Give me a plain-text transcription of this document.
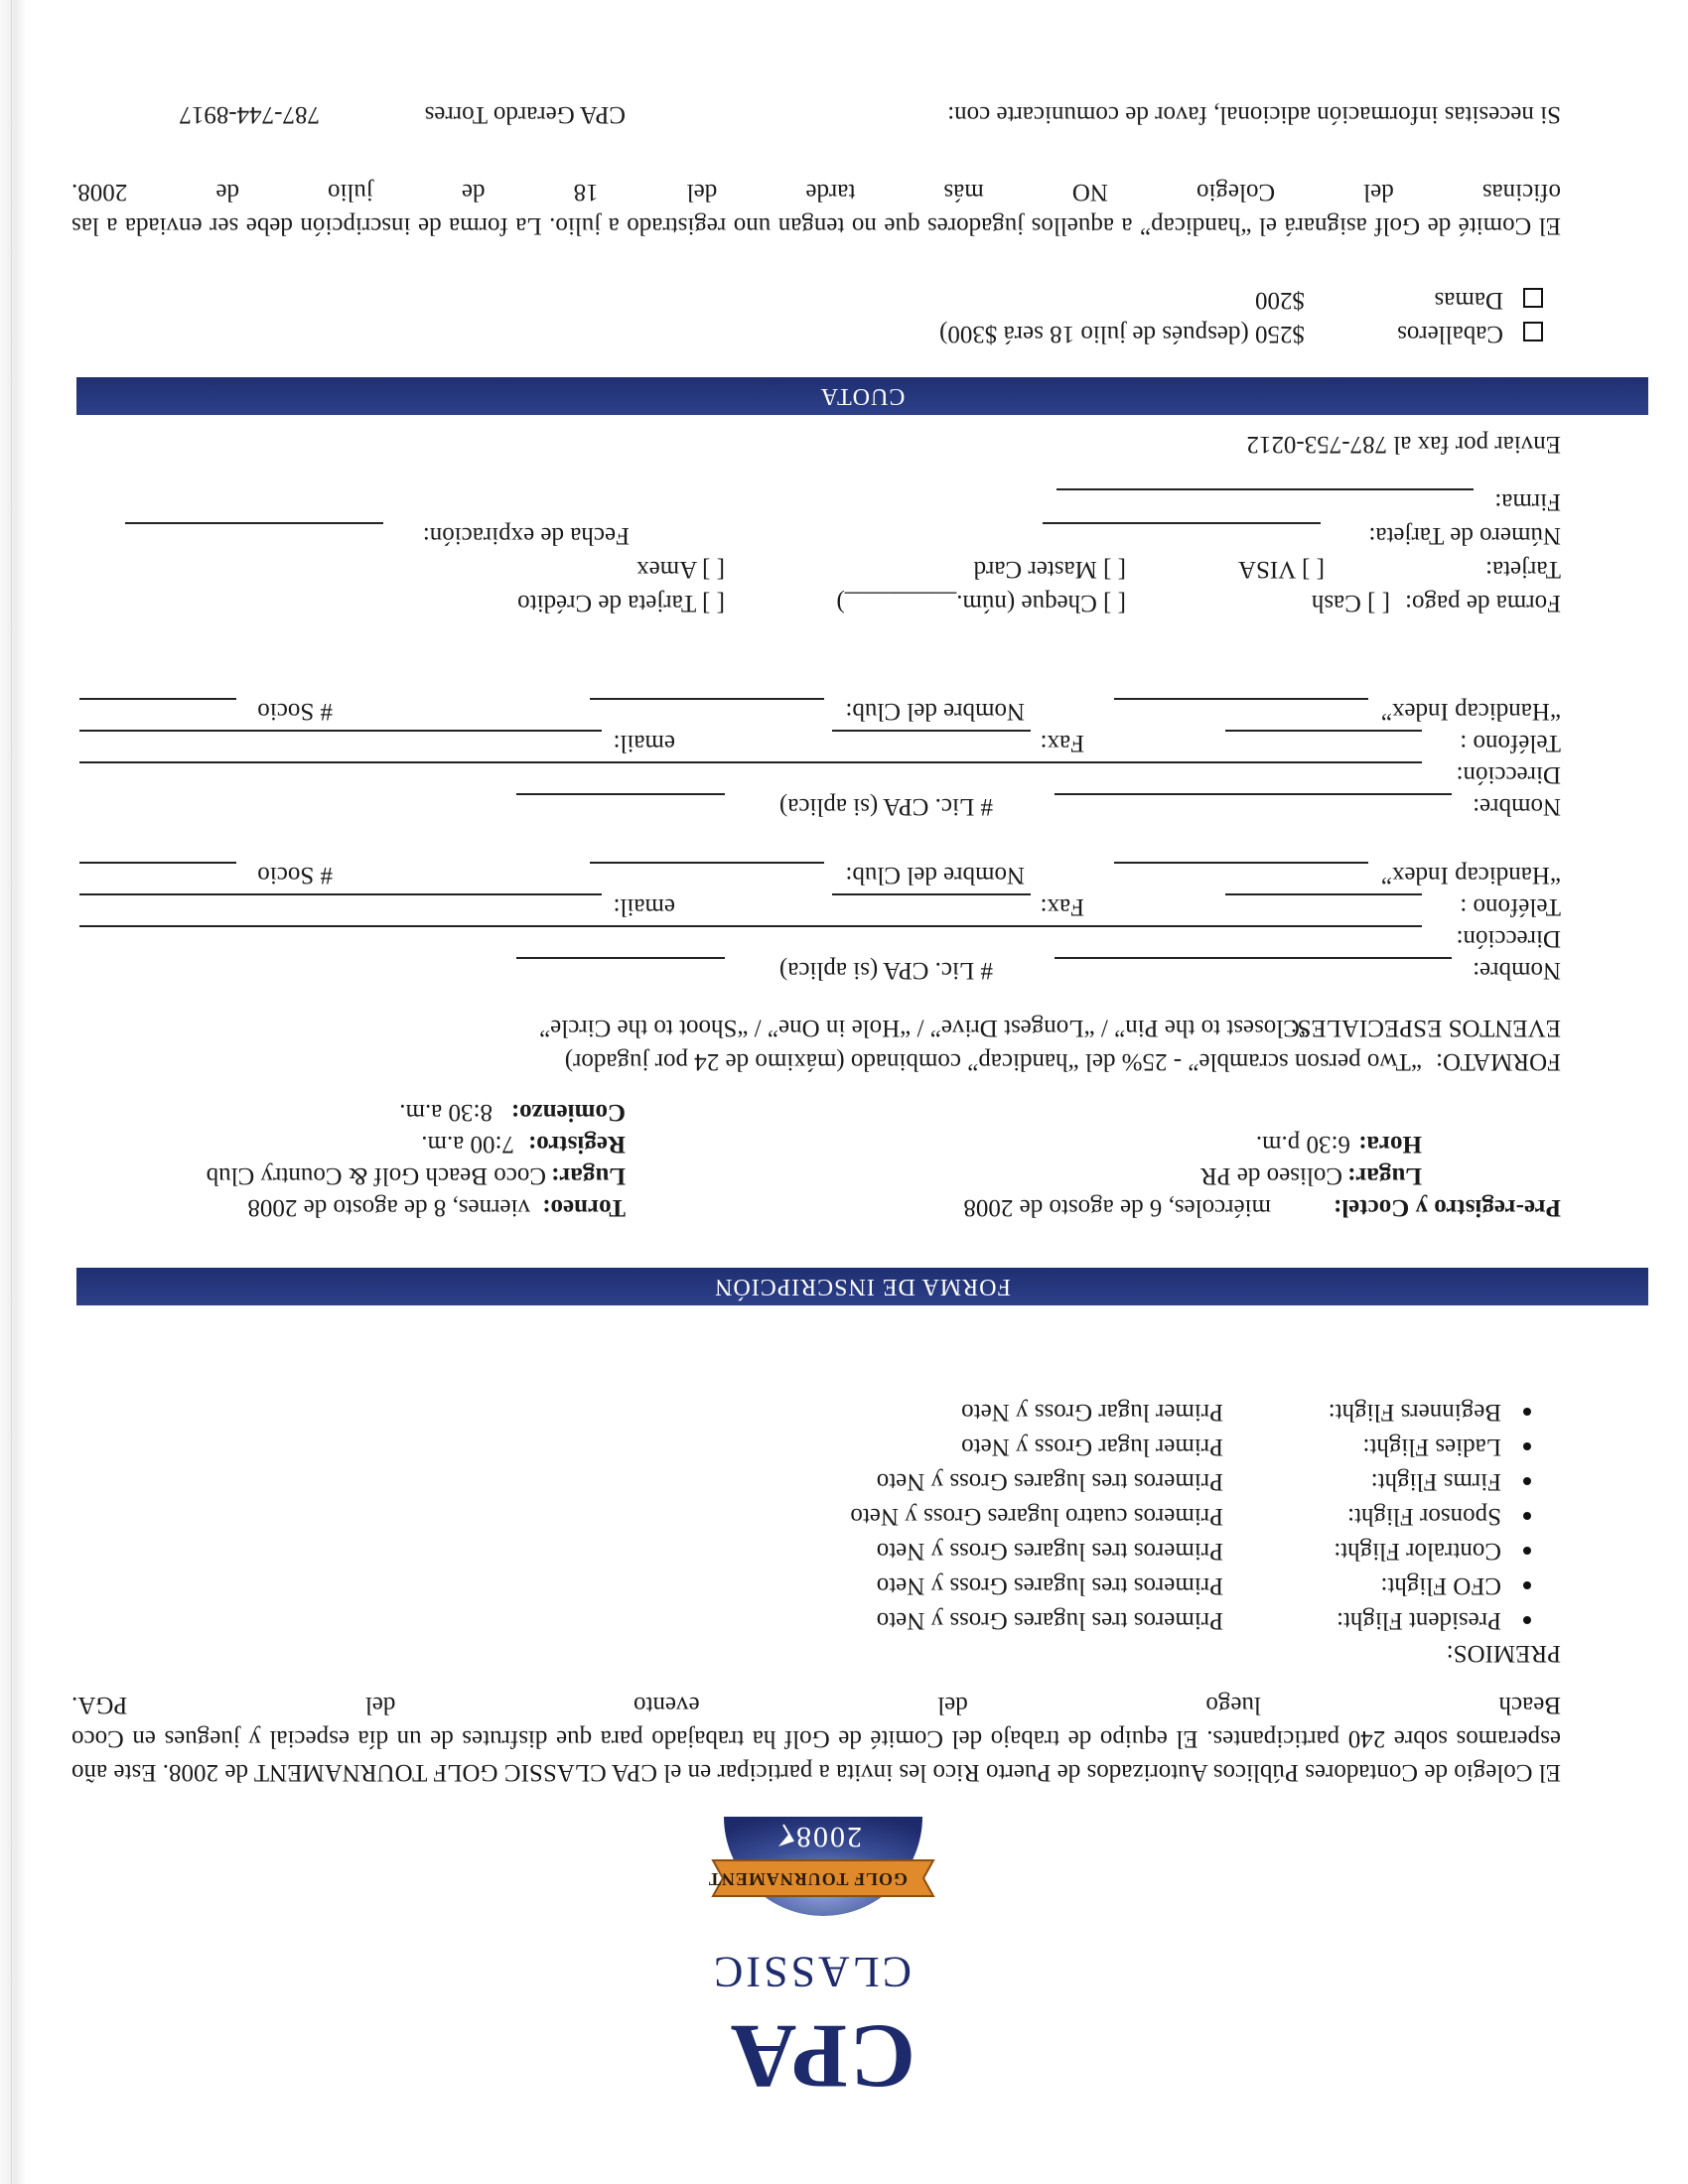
CPA
CLASSIC
GOLF TOURNAMENT
2008

El Colegio de Contadores Públicos Autorizados de Puerto Rico les invita a participar en el CPA CLASSIC GOLF TOURNAMENT de 2008. Este año esperamos sobre 240 participantes. El equipo de trabajo del Comité de Golf ha trabajado para que disfrutes de un día especial y juegues en Coco Beach luego del evento del PGA.

PREMIOS:
President Flight:
Primeros tres lugares Gross y Neto
CFO Flight:
Primeros tres lugares Gross y Neto
Contralor Flight:
Primeros tres lugares Gross y Neto
Sponsor Flight:
Primeros cuatro lugares Gross y Neto
Firms Flight:
Primeros tres lugares Gross y Neto
Ladies Flight:
Primer lugar Gross y Neto
Beginners Flight:
Primer lugar Gross y Neto
FORMA DE INSCRIPCIÓN
Pre-registro y Coctel:
miércoles, 6 de agosto de 2008
Lugar:
Coliseo de PR
Hora:
6:30 p.m.
Torneo:
viernes, 8 de agosto de 2008
Lugar:
Coco Beach Golf & Country Club
Registro:
7:00 a.m.
Comienzo:
8:30 a.m.
FORMATO:
“Two person scramble” - 25% del “handicap” combinado (máximo de 24 por jugador)
EVENTOS ESPECIALES:
“Closest to the Pin” / “Longest Drive” / “Hole in One” / “Shoot to the Circle”
Nombre:
# Lic. CPA (si aplica)
Dirección:
Teléfono :
Fax:
email:
“Handicap Index”
Nombre del Club:
# Socio
Nombre:
# Lic. CPA (si aplica)
Dirección:
Teléfono :
Fax:
email:
“Handicap Index”
Nombre del Club:
# Socio
Forma de pago:
[ ] Cash
[ ] Cheque (núm._________)
[ ] Tarjeta de Crédito
Tarjeta:
[ ] VISA
[ ] Master Card
[ ] Amex
Número de Tarjeta:
Fecha de expiración:
Firma:
Enviar por fax al 787-753-0212
CUOTA
Caballeros
$250 (después de julio 18 será $300)
Damas
$200

El Comité de Golf asignará el “handicap” a aquellos jugadores que no tengan uno registrado a julio. La forma de inscripción debe ser enviada a las oficinas del Colegio NO más tarde del 18 de julio de 2008.

Si necesitas información adicional, favor de comunicarte con:
CPA Gerardo Torres
787-744-8917
